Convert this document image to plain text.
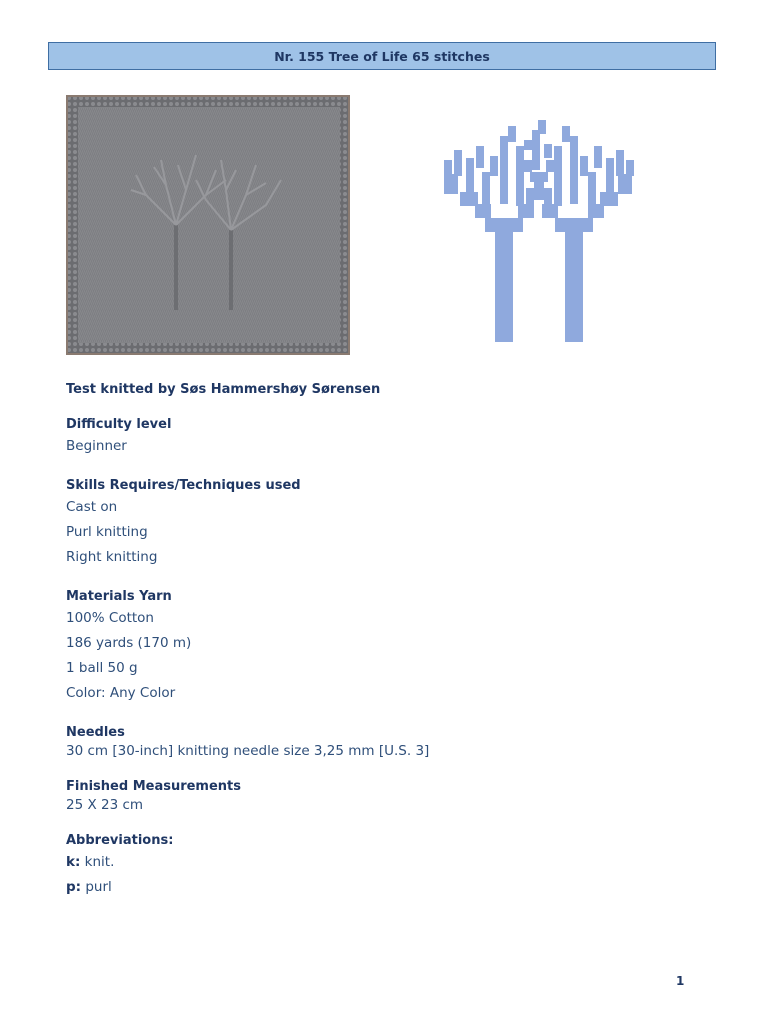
Nr. 155 Tree of Life 65 stitches
Test knitted by Søs Hammershøy Sørensen
Difficulty level
Beginner
Skills Requires/Techniques used
Cast on
Purl knitting
Right knitting
Materials Yarn
100% Cotton
186 yards (170 m)
1 ball 50 g
Color: Any Color
Needles
30 cm [30-inch] knitting needle size 3,25 mm [U.S. 3]
Finished Measurements
25 X 23 cm
Abbreviations:
k: knit.
p: purl
1
